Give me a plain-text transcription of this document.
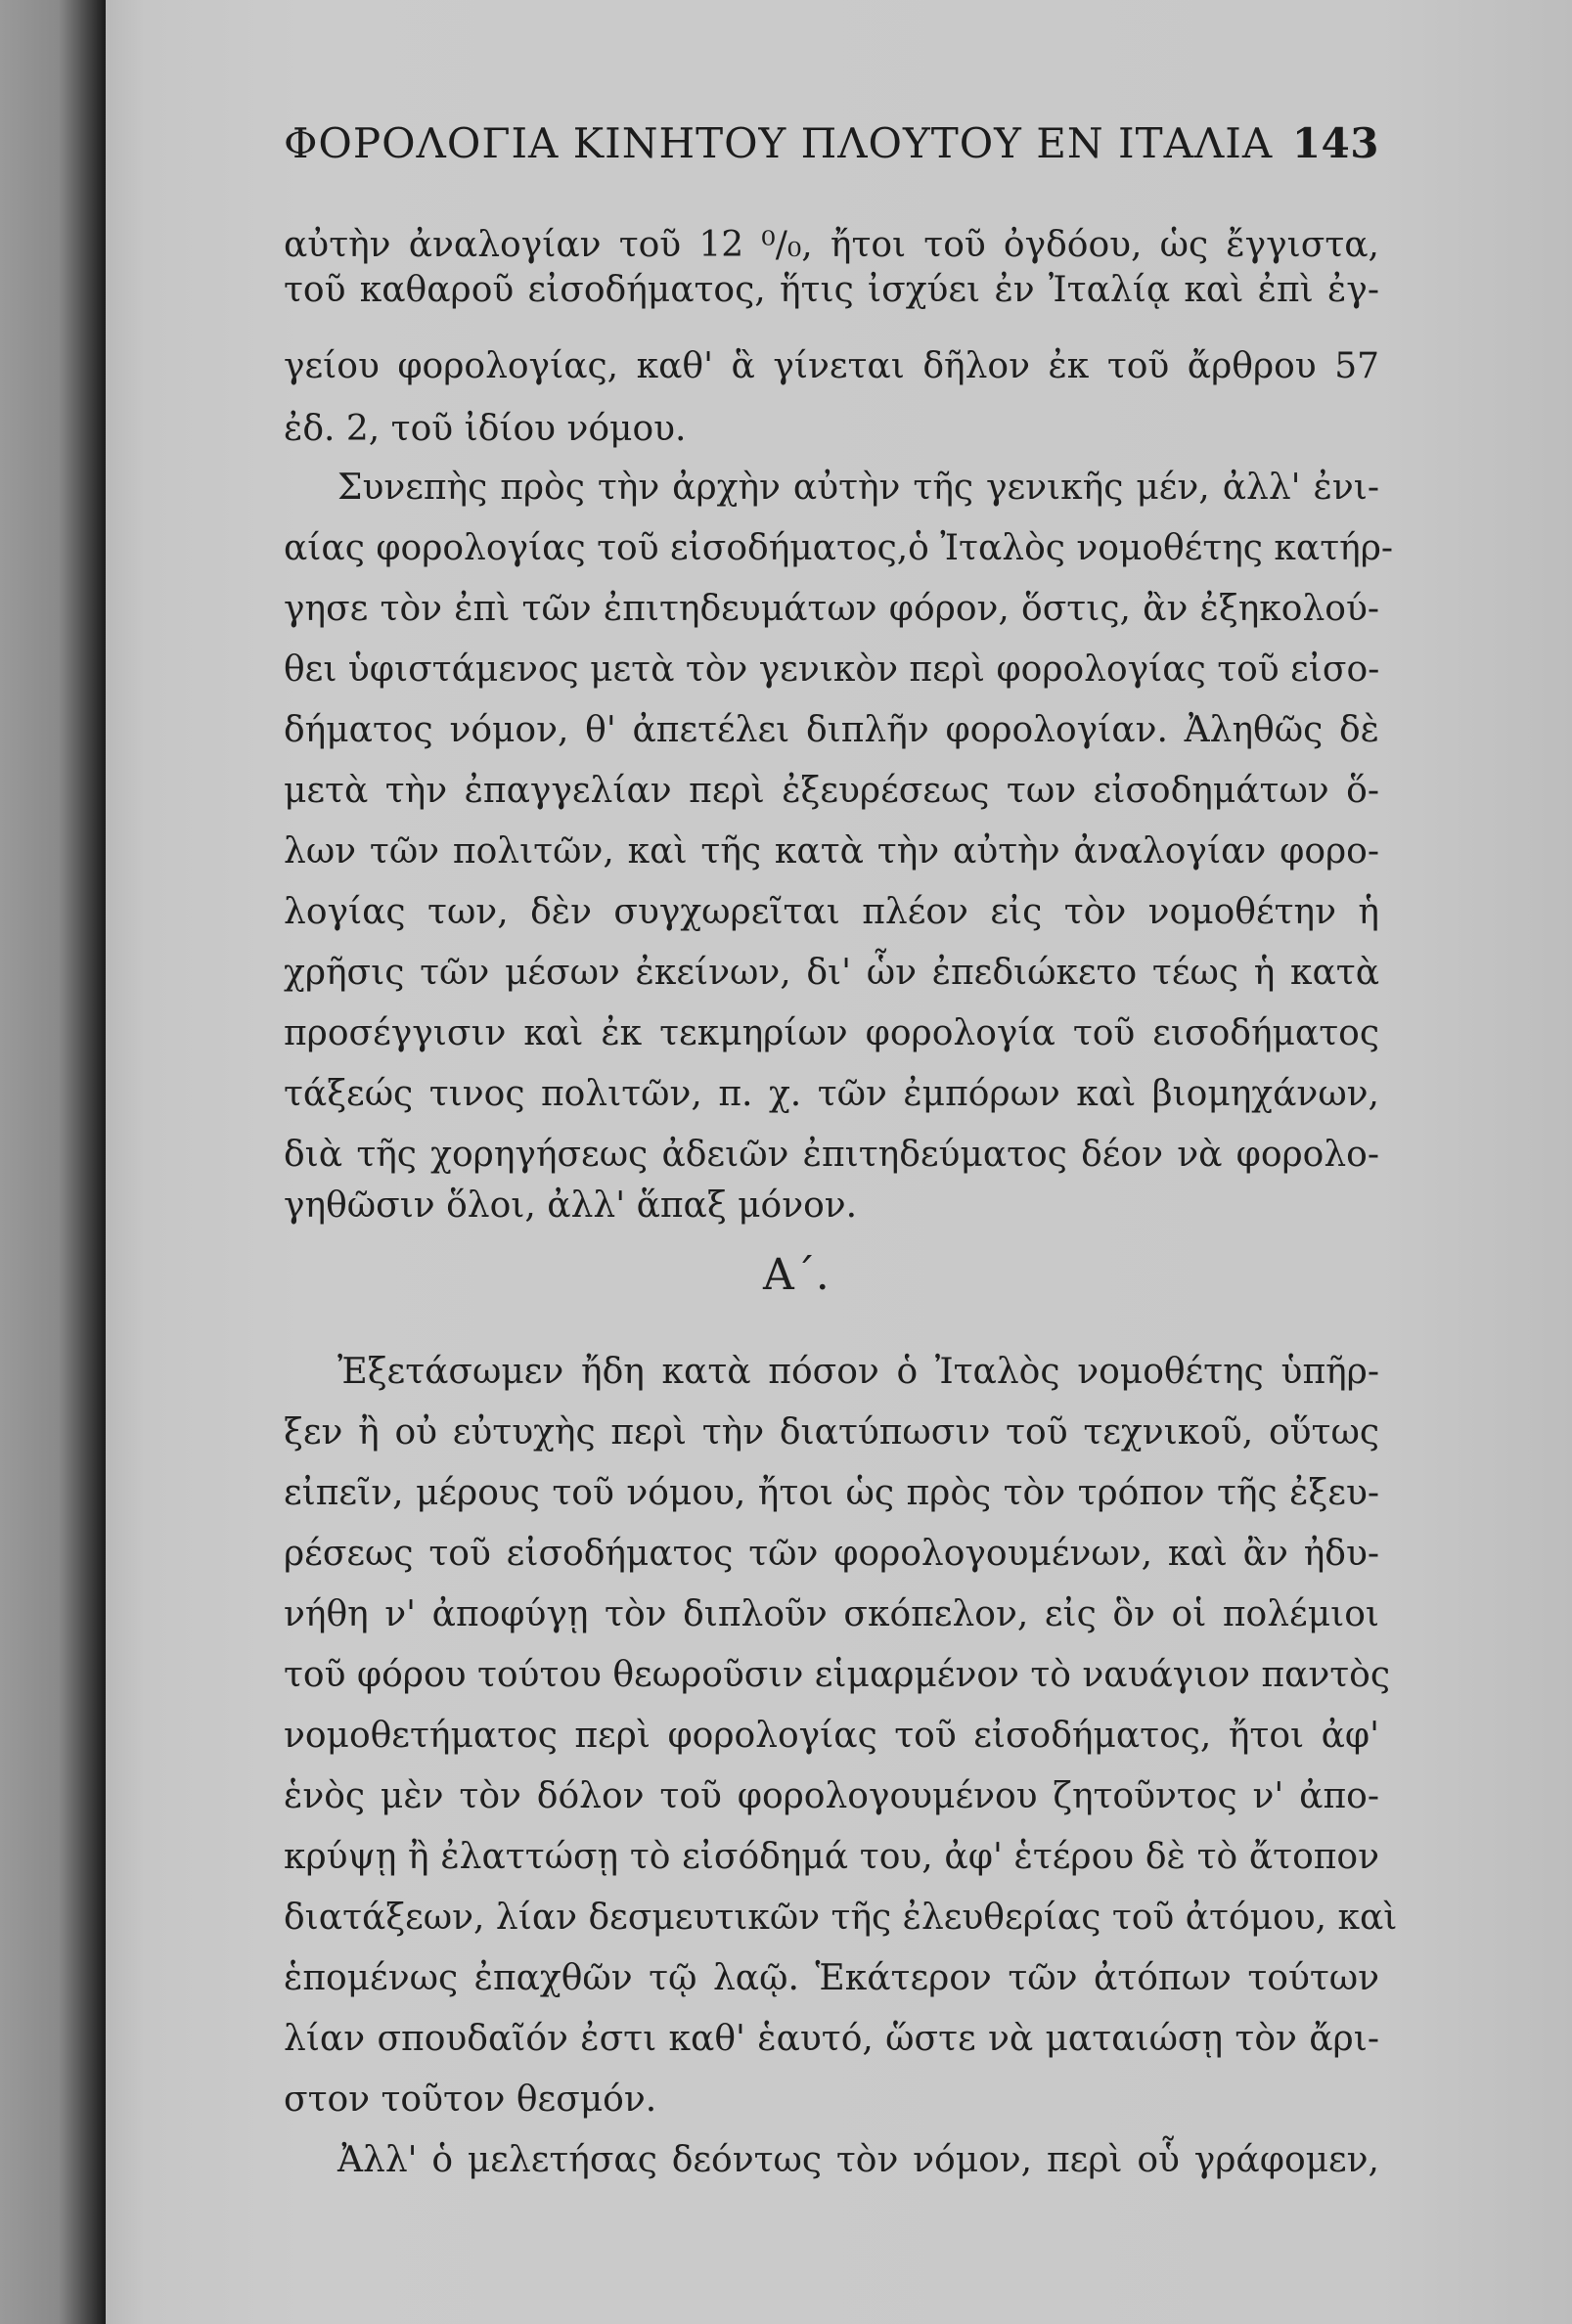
ΦΟΡΟΛΟΓΙΑ ΚΙΝΗΤΟΥ ΠΛΟΥΤΟΥ ΕΝ ΙΤΑΛΙΑ 143
αὐτὴν ἀναλογίαν τοῦ 12 ⁰/₀, ἤτοι τοῦ ὀγδόου, ὡς ἔγγιστα,
τοῦ καθαροῦ εἰσοδήματος, ἥτις ἰσχύει ἐν Ἰταλίᾳ καὶ ἐπὶ ἐγ-
γείου φορολογίας, καθ' ἃ γίνεται δῆλον ἐκ τοῦ ἄρθρου 57
ἐδ. 2, τοῦ ἰδίου νόμου.
Συνεπὴς πρὸς τὴν ἀρχὴν αὐτὴν τῆς γενικῆς μέν, ἀλλ' ἐνι-
αίας φορολογίας τοῦ εἰσοδήματος,ὁ Ἰταλὸς νομοθέτης κατήρ-
γησε τὸν ἐπὶ τῶν ἐπιτηδευμάτων φόρον, ὅστις, ἂν ἐξηκολού-
θει ὑφιστάμενος μετὰ τὸν γενικὸν περὶ φορολογίας τοῦ εἰσο-
δήματος νόμον, θ' ἀπετέλει διπλῆν φορολογίαν. Ἀληθῶς δὲ
μετὰ τὴν ἐπαγγελίαν περὶ ἐξευρέσεως των εἰσοδημάτων ὅ-
λων τῶν πολιτῶν, καὶ τῆς κατὰ τὴν αὐτὴν ἀναλογίαν φορο-
λογίας των, δὲν συγχωρεῖται πλέον εἰς τὸν νομοθέτην ἡ
χρῆσις τῶν μέσων ἐκείνων, δι' ὧν ἐπεδιώκετο τέως ἡ κατὰ
προσέγγισιν καὶ ἐκ τεκμηρίων φορολογία τοῦ εισοδήματος
τάξεώς τινος πολιτῶν, π. χ. τῶν ἐμπόρων καὶ βιομηχάνων,
διὰ τῆς χορηγήσεως ἀδειῶν ἐπιτηδεύματος δέον νὰ φορολο-
γηθῶσιν ὅλοι, ἀλλ' ἅπαξ μόνον.
Ἐξετάσωμεν ἤδη κατὰ πόσον ὁ Ἰταλὸς νομοθέτης ὑπῆρ-
ξεν ἢ οὐ εὐτυχὴς περὶ τὴν διατύπωσιν τοῦ τεχνικοῦ, οὕτως
εἰπεῖν, μέρους τοῦ νόμου, ἤτοι ὡς πρὸς τὸν τρόπον τῆς ἐξευ-
ρέσεως τοῦ εἰσοδήματος τῶν φορολογουμένων, καὶ ἂν ἠδυ-
νήθη ν' ἀποφύγῃ τὸν διπλοῦν σκόπελον, εἰς ὃν οἱ πολέμιοι
τοῦ φόρου τούτου θεωροῦσιν εἱμαρμένον τὸ ναυάγιον παντὸς
νομοθετήματος περὶ φορολογίας τοῦ εἰσοδήματος, ἤτοι ἀφ'
ἑνὸς μὲν τὸν δόλον τοῦ φορολογουμένου ζητοῦντος ν' ἀπο-
κρύψῃ ἢ ἐλαττώσῃ τὸ εἰσόδημά του, ἀφ' ἑτέρου δὲ τὸ ἄτοπον
διατάξεων, λίαν δεσμευτικῶν τῆς ἐλευθερίας τοῦ ἀτόμου, καὶ
ἑπομένως ἐπαχθῶν τῷ λαῷ. Ἑκάτερον τῶν ἀτόπων τούτων
λίαν σπουδαῖόν ἐστι καθ' ἑαυτό, ὥστε νὰ ματαιώσῃ τὸν ἄρι-
στον τοῦτον θεσμόν.
Ἀλλ' ὁ μελετήσας δεόντως τὸν νόμον, περὶ οὗ γράφομεν,
Α΄.
